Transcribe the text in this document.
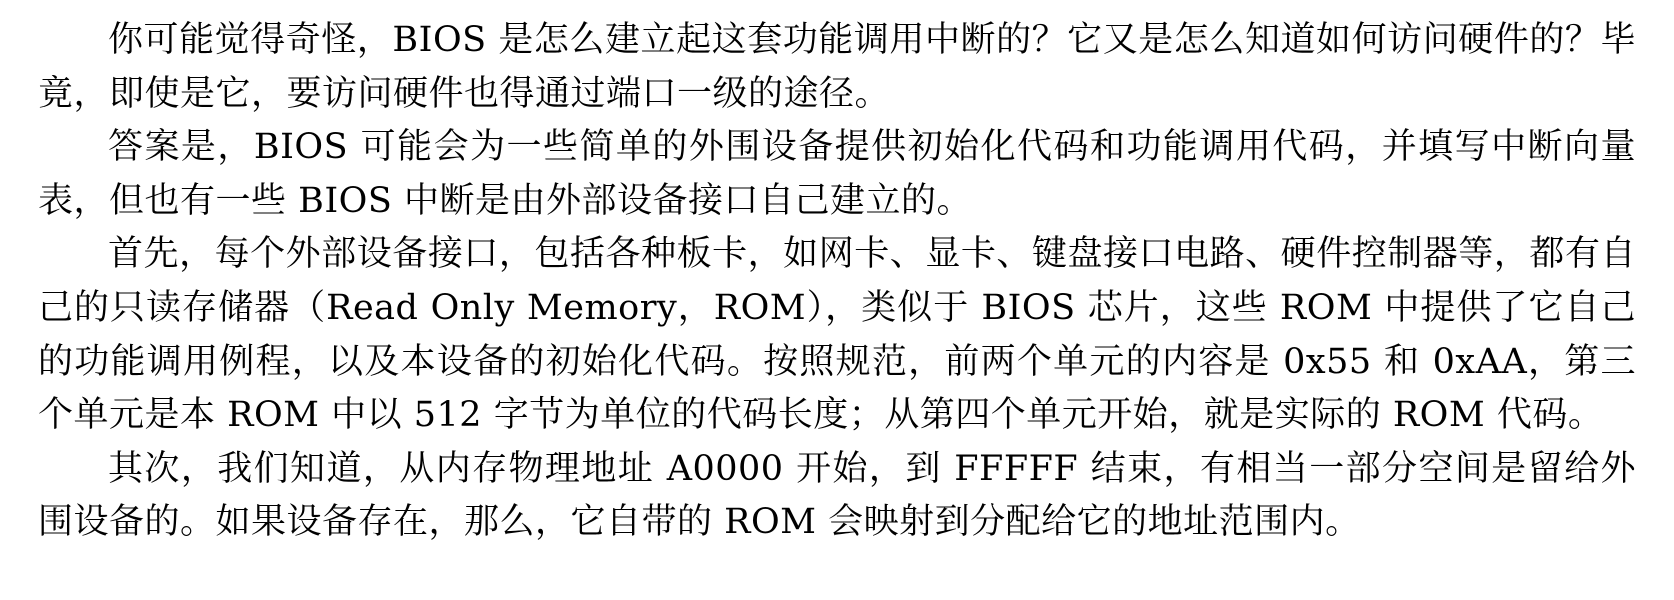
你可能觉得奇怪，BIOS 是怎么建立起这套功能调用中断的？它又是怎么知道如何访问硬件的？毕竟，即使是它，要访问硬件也得通过端口一级的途径。

答案是，BIOS 可能会为一些简单的外围设备提供初始化代码和功能调用代码，并填写中断向量表，但也有一些 BIOS 中断是由外部设备接口自己建立的。

首先，每个外部设备接口，包括各种板卡，如网卡、显卡、键盘接口电路、硬件控制器等，都有自己的只读存储器（Read Only Memory，ROM），类似于 BIOS 芯片，这些 ROM 中提供了它自己的功能调用例程，以及本设备的初始化代码。按照规范，前两个单元的内容是 0x55 和 0xAA，第三个单元是本 ROM 中以 512 字节为单位的代码长度；从第四个单元开始，就是实际的 ROM 代码。

其次，我们知道，从内存物理地址 A0000 开始，到 FFFFF 结束，有相当一部分空间是留给外围设备的。如果设备存在，那么，它自带的 ROM 会映射到分配给它的地址范围内。
